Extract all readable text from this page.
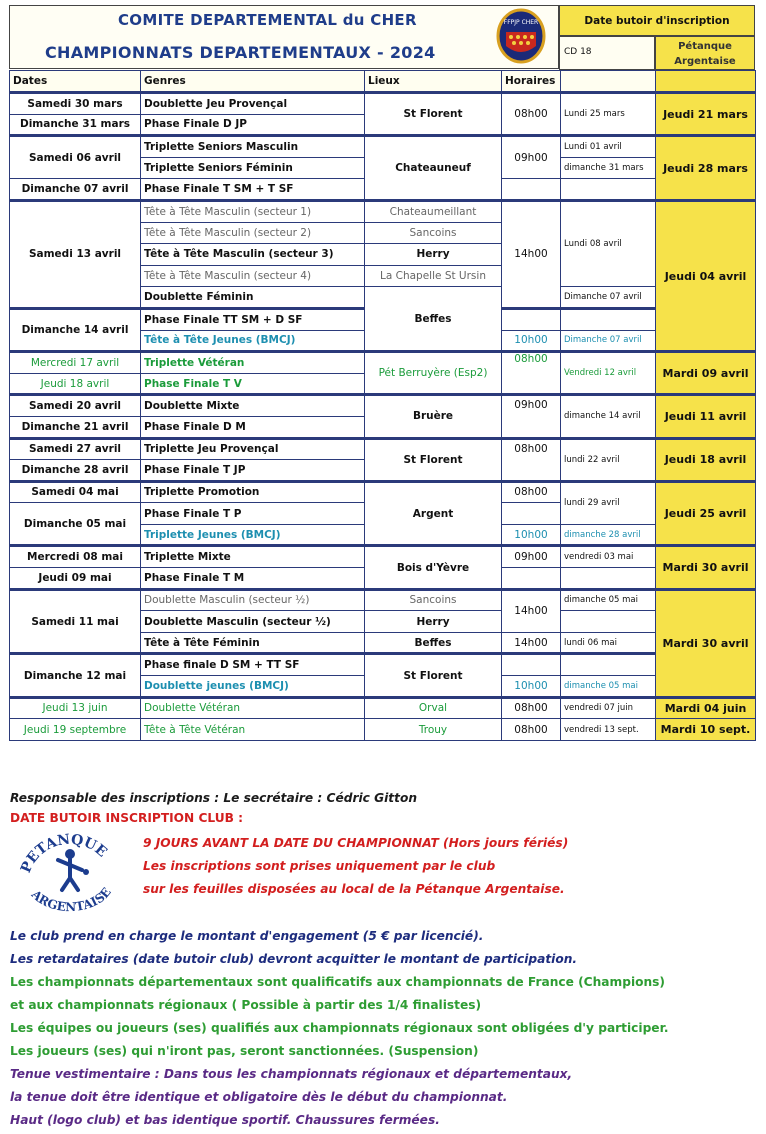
COMITE DEPARTEMENTAL du CHER
CHAMPIONNATS DEPARTEMENTAUX - 2024
FFPJP CHER	Date butoir d'inscription
CD 18	Pétanque
Argentaise
Dates	Genres	Lieux	Horaires		
Samedi 30 mars	Doublette Jeu Provençal	St Florent	08h00	Lundi 25 mars	Jeudi 21 mars
Dimanche 31 mars	Phase Finale D JP				
Samedi 06 avril	Triplette Seniors Masculin	Chateauneuf	09h00	Lundi 01 avril	Jeudi 28 mars
	Triplette Seniors Féminin			dimanche 31 mars	
Dimanche 07 avril	Phase Finale T SM + T SF				
Samedi 13 avril	Tête à Tête Masculin (secteur 1)	Chateaumeillant	14h00	Lundi 08 avril	Jeudi 04 avril
	Tête à Tête Masculin (secteur 2)	Sancoins			
	Tête à Tête Masculin (secteur 3)	Herry			
	Tête à Tête Masculin (secteur 4)	La Chapelle St Ursin			
	Doublette Féminin	Beffes		Dimanche 07 avril	
Dimanche 14 avril	Phase Finale TT SM + D SF				
	Tête à Tête Jeunes (BMCJ)		10h00	Dimanche 07 avril	
Mercredi 17 avril	Triplette Vétéran	Pét Berruyère (Esp2)	08h00	Vendredi 12 avril	Mardi 09 avril
Jeudi 18 avril	Phase Finale T V				
Samedi 20 avril	Doublette Mixte	Bruère	09h00	dimanche 14 avril	Jeudi 11 avril
Dimanche 21 avril	Phase Finale D M				
Samedi 27 avril	Triplette Jeu Provençal	St Florent	08h00	lundi 22 avril	Jeudi 18 avril
Dimanche 28 avril	Phase Finale T JP				
Samedi 04 mai	Triplette Promotion	Argent	08h00	lundi 29 avril	Jeudi 25 avril
Dimanche 05 mai	Phase Finale T P				
	Triplette Jeunes (BMCJ)		10h00	dimanche 28 avril	
Mercredi 08 mai	Triplette Mixte	Bois d'Yèvre	09h00	vendredi 03 mai	Mardi 30 avril
Jeudi 09 mai	Phase Finale T M				
Samedi 11 mai	Doublette Masculin (secteur ½)	Sancoins	14h00	dimanche 05 mai	Mardi 30 avril
	Doublette Masculin (secteur ½)	Herry			
	Tête à Tête Féminin	Beffes	14h00	lundi 06 mai	
Dimanche 12 mai	Phase finale D SM + TT SF	St Florent			
	Doublette jeunes (BMCJ)		10h00	dimanche 05 mai	
Jeudi 13 juin	Doublette Vétéran	Orval	08h00	vendredi 07 juin	Mardi 04 juin
Jeudi 19 septembre	Tête à Tête Vétéran	Trouy	08h00	vendredi 13 sept.	Mardi 10 sept.
Responsable des inscriptions : Le secrétaire : Cédric Gitton
DATE BUTOIR INSCRIPTION CLUB :
PETANQUE
ARGENTAISE
9 JOURS AVANT LA DATE DU CHAMPIONNAT (Hors jours fériés)
Les inscriptions sont prises uniquement par le club
sur les feuilles disposées au local de la Pétanque Argentaise.
Le club prend en charge le montant d'engagement (5 € par licencié).
Les retardataires (date butoir club) devront acquitter le montant de participation.
Les championnats départementaux sont qualificatifs aux championnats de France (Champions)
et aux championnats régionaux ( Possible à partir des 1/4 finalistes)
Les équipes ou joueurs (ses) qualifiés aux championnats régionaux sont obligées d'y participer.
Les joueurs (ses) qui n'iront pas, seront sanctionnées. (Suspension)
Tenue vestimentaire : Dans tous les championnats régionaux et départementaux,
la tenue doit être identique et obligatoire dès le début du championnat.
Haut (logo club) et bas identique sportif. Chaussures fermées.
